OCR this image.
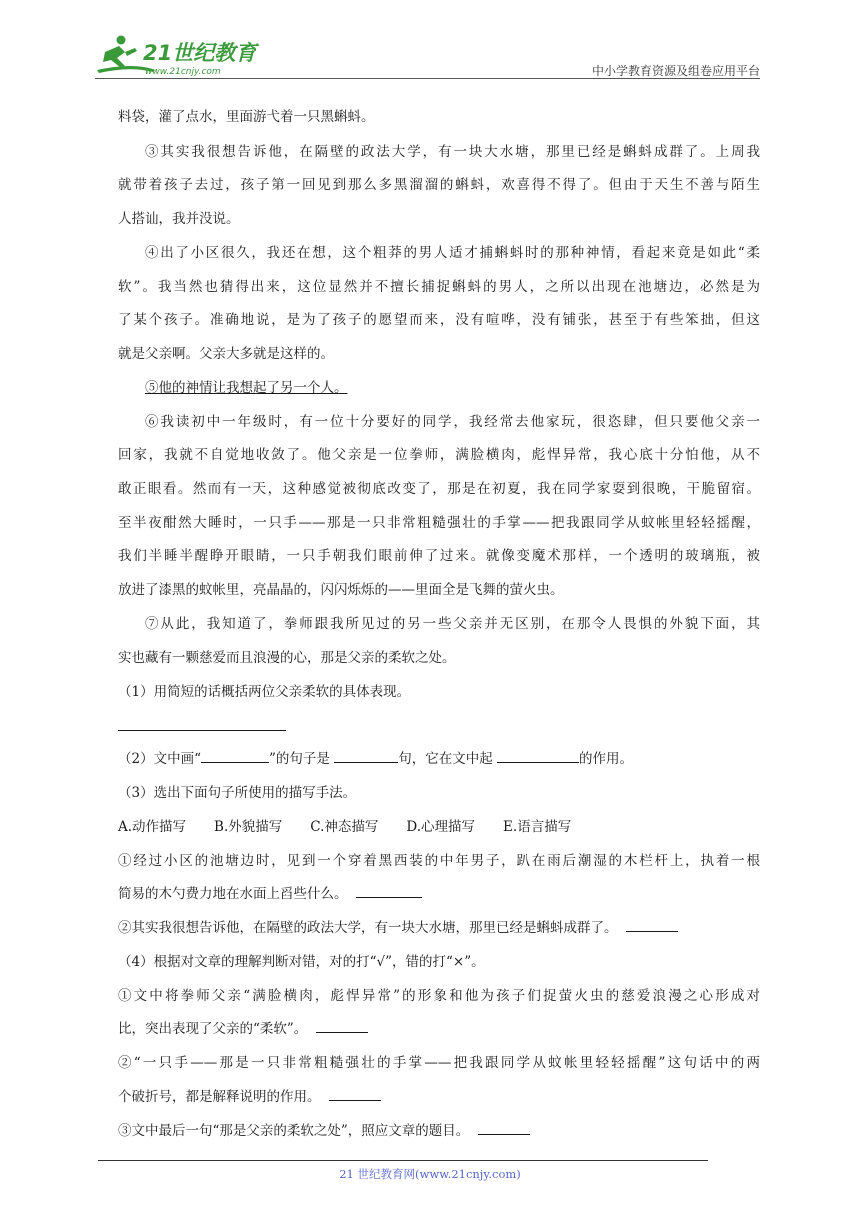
21世纪教育
www.21cnjy.com	中小学教育资源及组卷应用平台
料袋，灌了点水，里面游弋着一只黑蝌蚪。
③其实我很想告诉他，在隔壁的政法大学，有一块大水塘，那里已经是蝌蚪成群了。上周我
就带着孩子去过，孩子第一回见到那么多黑溜溜的蝌蚪，欢喜得不得了。但由于天生不善与陌生
人搭讪，我并没说。
④出了小区很久，我还在想，这个粗莽的男人适才捕蝌蚪时的那种神情，看起来竟是如此“柔
软”。我当然也猜得出来，这位显然并不擅长捕捉蝌蚪的男人，之所以出现在池塘边，必然是为
了某个孩子。准确地说，是为了孩子的愿望而来，没有喧哗，没有铺张，甚至于有些笨拙，但这
就是父亲啊。父亲大多就是这样的。
⑤他的神情让我想起了另一个人。
⑥我读初中一年级时，有一位十分要好的同学，我经常去他家玩，很恣肆，但只要他父亲一
回家，我就不自觉地收敛了。他父亲是一位拳师，满脸横肉，彪悍异常，我心底十分怕他，从不
敢正眼看。然而有一天，这种感觉被彻底改变了，那是在初夏，我在同学家耍到很晚，干脆留宿。
至半夜酣然大睡时，一只手——那是一只非常粗糙强壮的手掌——把我跟同学从蚊帐里轻轻摇醒，
我们半睡半醒睁开眼睛，一只手朝我们眼前伸了过来。就像变魔术那样，一个透明的玻璃瓶，被
放进了漆黑的蚊帐里，亮晶晶的，闪闪烁烁的——里面全是飞舞的萤火虫。
⑦从此，我知道了，拳师跟我所见过的另一些父亲并无区别，在那令人畏惧的外貌下面，其
实也藏有一颗慈爱而且浪漫的心，那是父亲的柔软之处。
（1）用简短的话概括两位父亲柔软的具体表现。
（2）文中画“	”的句子是	句，它在文中起	的作用。
（3）选出下面句子所使用的描写手法。
A.动作描写 B.外貌描写 C.神态描写 D.心理描写 E.语言描写
①经过小区的池塘边时，见到一个穿着黑西装的中年男子，趴在雨后潮湿的木栏杆上，执着一根
简易的木勺费力地在水面上舀些什么。
②其实我很想告诉他，在隔壁的政法大学，有一块大水塘，那里已经是蝌蚪成群了。
（4）根据对文章的理解判断对错，对的打“√”，错的打“×”。
①文中将拳师父亲“满脸横肉，彪悍异常”的形象和他为孩子们捉萤火虫的慈爱浪漫之心形成对
比，突出表现了父亲的“柔软”。
②“一只手——那是一只非常粗糙强壮的手掌——把我跟同学从蚊帐里轻轻摇醒”这句话中的两
个破折号，都是解释说明的作用。
③文中最后一句“那是父亲的柔软之处”，照应文章的题目。
21 世纪教育网(www.21cnjy.com)
